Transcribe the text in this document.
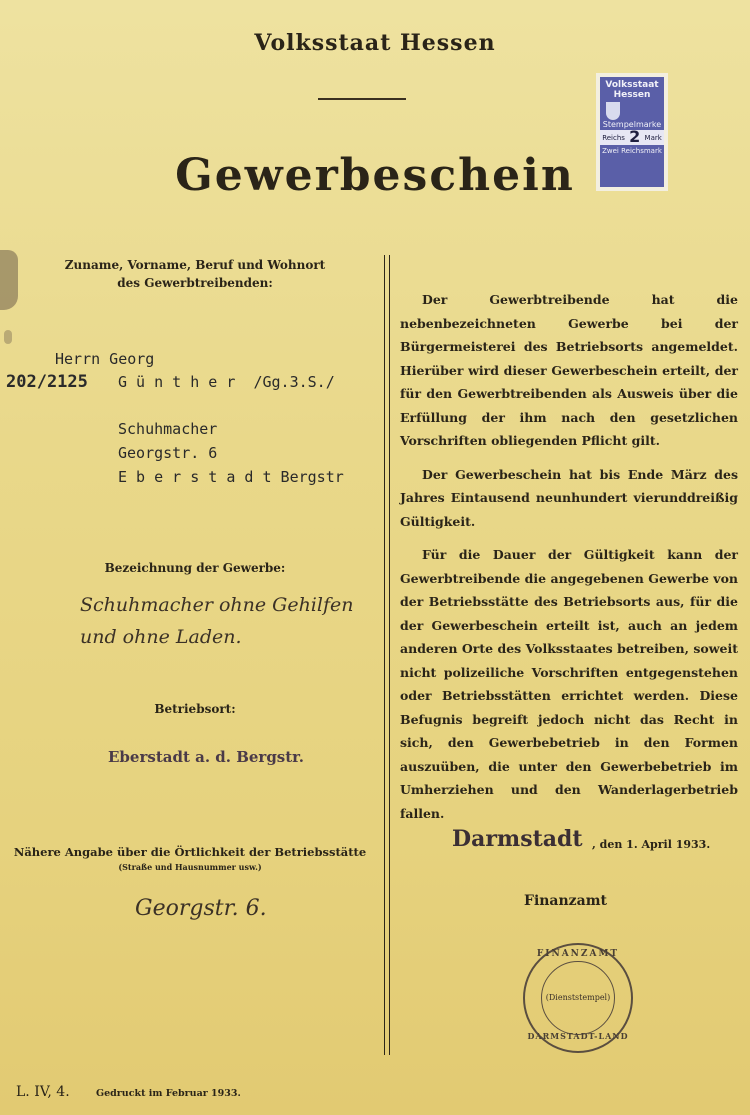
Volksstaat Hessen
Gewerbeschein
Volksstaat Hessen
Stempelmarke
Reichs 2 Mark
Zwei Reichsmark
Zuname, Vorname, Beruf und Wohnort
des Gewerbtreibenden:
Herrn Georg
202/2125 G ü n t h e r  /Gg.3.S./
Schuhmacher
Georgstr. 6
E b e r s t a d t Bergstr
Bezeichnung der Gewerbe:
Schuhmacher ohne Gehilfen
und ohne Laden.
Betriebsort:
Eberstadt a. d. Bergstr.
Nähere Angabe über die Örtlichkeit der Betriebsstätte
(Straße und Hausnummer usw.)
Georgstr. 6.
L. IV, 4.	Gedruckt im Februar 1933.

Der Gewerbtreibende hat die nebenbezeichneten Gewerbe bei der Bürgermeisterei des Betriebsorts angemeldet. Hierüber wird dieser Gewerbeschein erteilt, der für den Gewerbtreibenden als Ausweis über die Erfüllung der ihm nach den gesetzlichen Vorschriften obliegenden Pflicht gilt.

Der Gewerbeschein hat bis Ende März des Jahres Eintausend neunhundert vierunddreißig Gültigkeit.

Für die Dauer der Gültigkeit kann der Gewerbtreibende die angegebenen Gewerbe von der Betriebsstätte des Betriebsorts aus, für die der Gewerbeschein erteilt ist, auch an jedem anderen Orte des Volksstaates betreiben, soweit nicht polizeiliche Vorschriften entgegenstehen oder Betriebsstätten errichtet werden. Diese Befugnis begreift jedoch nicht das Recht in sich, den Gewerbebetrieb in den Formen auszuüben, die unter den Gewerbebetrieb im Umherziehen und den Wanderlagerbetrieb fallen.

Darmstadt , den 1. April 1933.
Finanzamt
FINANZAMT
(Dienststempel)
DARMSTADT-LAND
